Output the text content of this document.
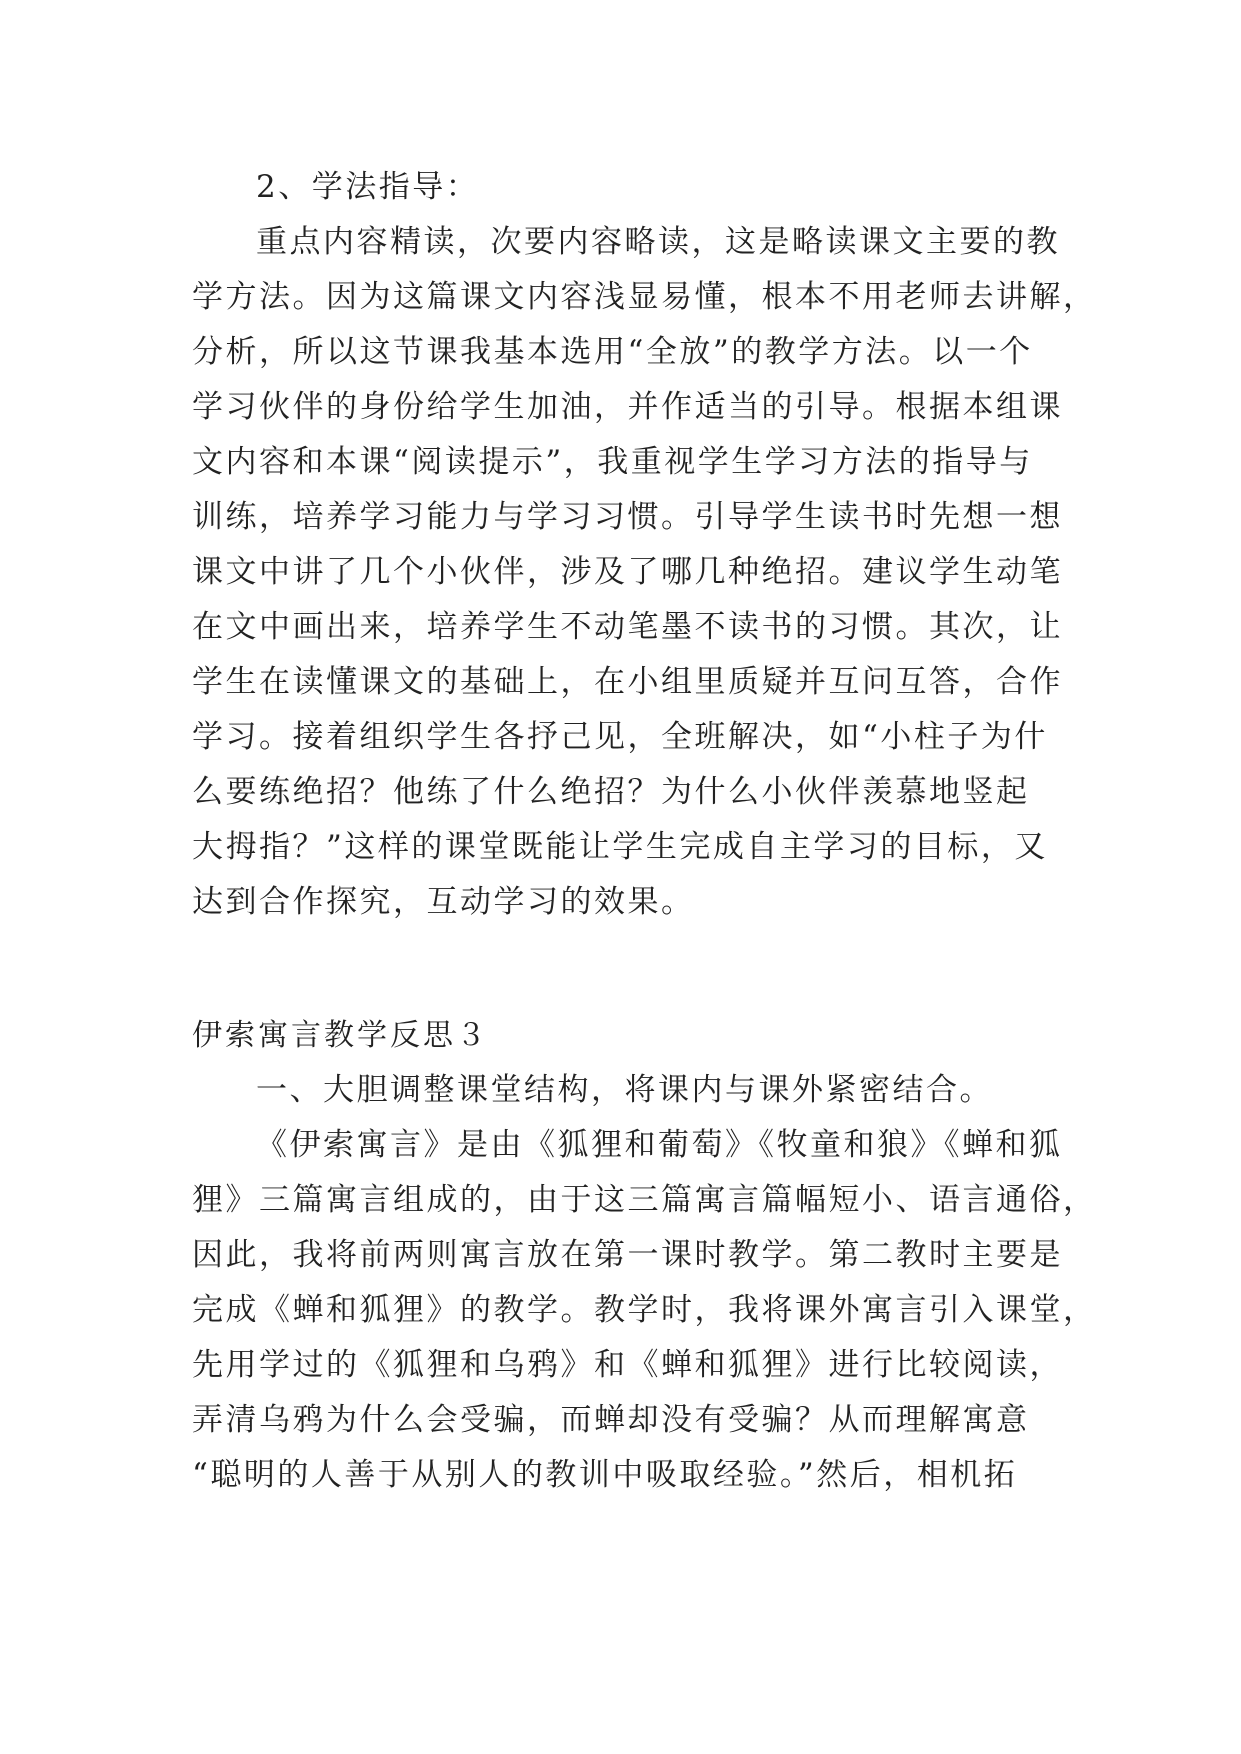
2、学法指导：
重点内容精读，次要内容略读，这是略读课文主要的教
学方法。因为这篇课文内容浅显易懂，根本不用老师去讲解，
分析，所以这节课我基本选用“全放”的教学方法。以一个
学习伙伴的身份给学生加油，并作适当的引导。根据本组课
文内容和本课“阅读提示”，我重视学生学习方法的指导与
训练，培养学习能力与学习习惯。引导学生读书时先想一想
课文中讲了几个小伙伴，涉及了哪几种绝招。建议学生动笔
在文中画出来，培养学生不动笔墨不读书的习惯。其次，让
学生在读懂课文的基础上，在小组里质疑并互问互答，合作
学习。接着组织学生各抒己见，全班解决，如“小柱子为什
么要练绝招？他练了什么绝招？为什么小伙伴羡慕地竖起
大拇指？”这样的课堂既能让学生完成自主学习的目标，又
达到合作探究，互动学习的效果。
伊索寓言教学反思３
一、大胆调整课堂结构，将课内与课外紧密结合。
《伊索寓言》是由《狐狸和葡萄》《牧童和狼》《蝉和狐
狸》三篇寓言组成的，由于这三篇寓言篇幅短小、语言通俗，
因此，我将前两则寓言放在第一课时教学。第二教时主要是
完成《蝉和狐狸》的教学。教学时，我将课外寓言引入课堂，
先用学过的《狐狸和乌鸦》和《蝉和狐狸》进行比较阅读，
弄清乌鸦为什么会受骗，而蝉却没有受骗？从而理解寓意
“聪明的人善于从别人的教训中吸取经验。”然后，相机拓
